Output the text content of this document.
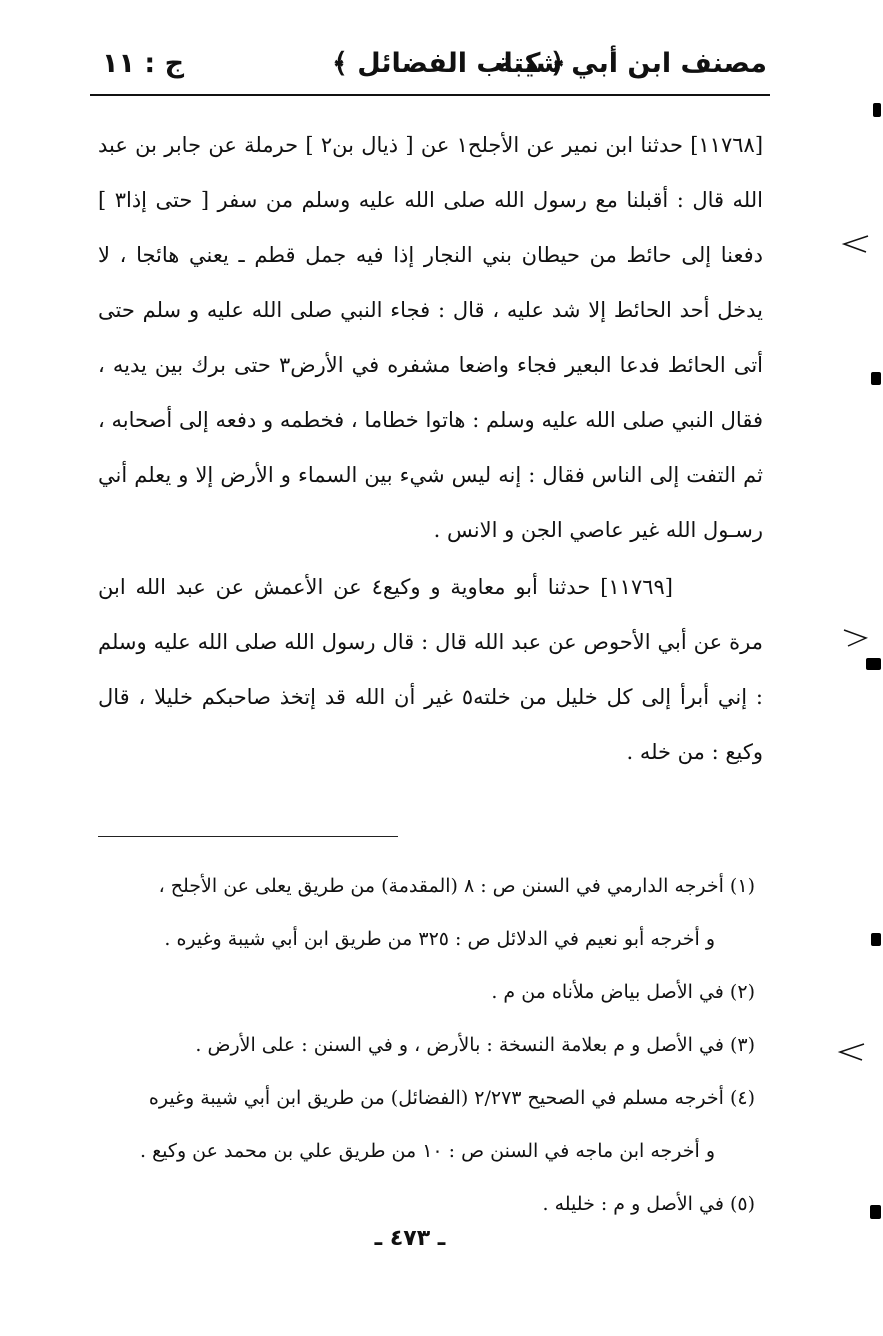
مصنف ابن أبي شيبة
﴿ كتاب الفضائل ﴾
ج : ١١

[١١٧٦٨] حدثنا ابن نمير عن الأجلح١ عن [ ذيال بن٢ ] حرملة عن جابر بن عبد الله قال : أقبلنا مع رسول الله صلى الله عليه وسلم من سفر [ حتى إذا٣ ] دفعنا إلى حائط من حيطان بني النجار إذا فيه جمل قطم ـ يعني هائجا ، لا يدخل أحد الحائط إلا شد عليه ، قال : فجاء النبي صلى الله عليه و سلم حتى أتى الحائط فدعا البعير فجاء واضعا مشفره في الأرض٣ حتى برك بين يديه ، فقال النبي صلى الله عليه وسلم : هاتوا خطاما ، فخطمه و دفعه إلى أصحابه ، ثم التفت إلى الناس فقال : إنه ليس شيء بين السماء و الأرض إلا و يعلم أني رسـول الله غير عاصي الجن و الانس .

[١١٧٦٩] حدثنا أبو معاوية و وكيع٤ عن الأعمش عن عبد الله ابن مرة عن أبي الأحوص عن عبد الله قال : قال رسول الله صلى الله عليه وسلم : إني أبرأ إلى كل خليل من خلته٥ غير أن الله قد إتخذ صاحبكم خليلا ، قال وكيع : من خله .

(١) أخرجه الدارمي في السنن ص : ٨ (المقدمة) من طريق يعلى عن الأجلح ،

و أخرجه أبو نعيم في الدلائل ص : ٣٢٥ من طريق ابن أبي شيبة وغيره .

(٢) في الأصل بياض ملأناه من م .

(٣) في الأصل و م بعلامة النسخة : بالأرض ، و في السنن : على الأرض .

(٤) أخرجه مسلم في الصحيح ٢/٢٧٣ (الفضائل) من طريق ابن أبي شيبة وغيره

و أخرجه ابن ماجه في السنن ص : ١٠ من طريق علي بن محمد عن وكيع .

(٥) في الأصل و م : خليله .

ـ ٤٧٣ ـ
